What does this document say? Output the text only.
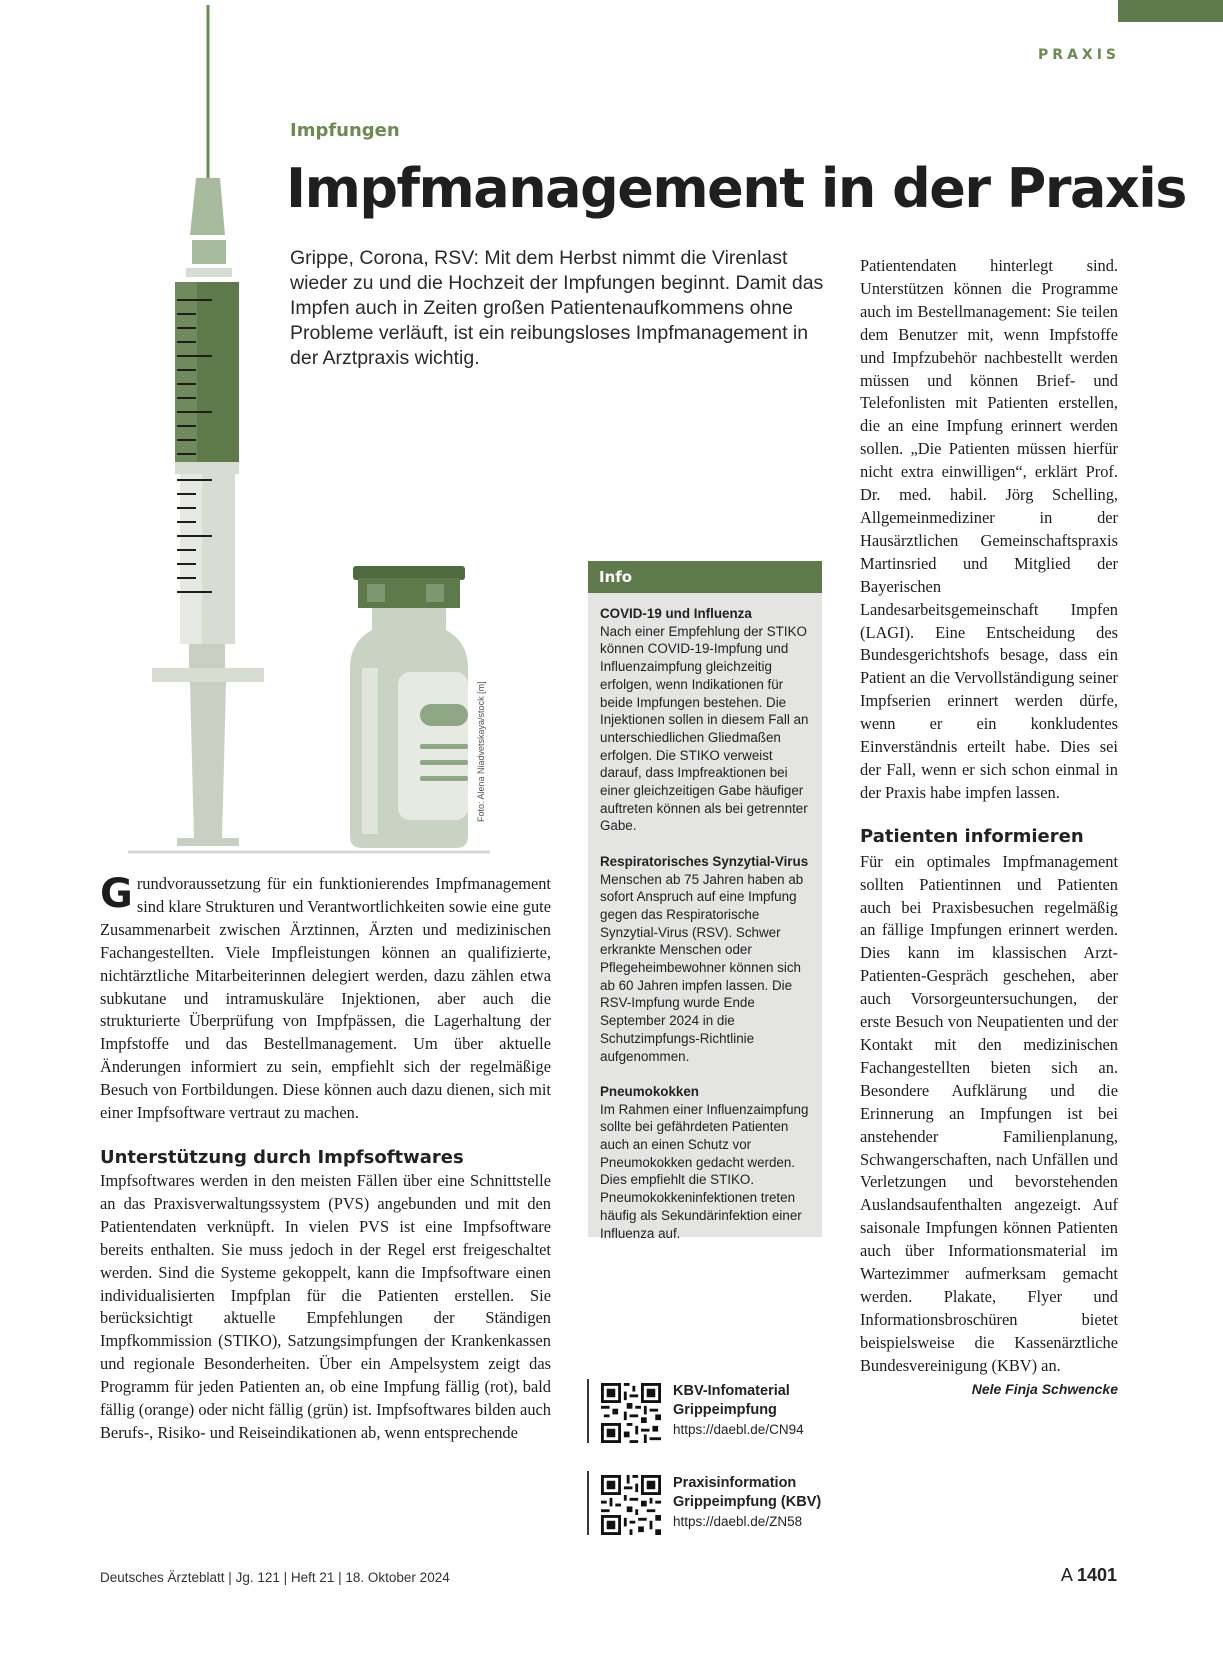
PRAXIS
Foto: Alena Niadvetskaya/stock [m]
Impfungen
Impfmanagement in der Praxis

Grippe, Corona, RSV: Mit dem Herbst nimmt die Virenlast wieder zu und die Hochzeit der Impfungen beginnt. Damit das Impfen auch in Zeiten großen Patientenaufkommens ohne Probleme verläuft, ist ein reibungsloses Impfmanagement in der Arztpraxis wichtig.

Grundvoraussetzung für ein funktionierendes Impfmanagement sind klare Strukturen und Verantwortlichkeiten sowie eine gute Zusammenarbeit zwischen Ärztinnen, Ärzten und medizinischen Fachangestellten. Viele Impfleistungen können an qualifizierte, nichtärztliche Mitarbeiterinnen delegiert werden, dazu zählen etwa subkutane und intramuskuläre Injektionen, aber auch die strukturierte Überprüfung von Impfpässen, die Lagerhaltung der Impfstoffe und das Bestellmanagement. Um über aktuelle Änderungen informiert zu sein, empfiehlt sich der regelmäßige Besuch von Fortbildungen. Diese können auch dazu dienen, sich mit einer Impfsoftware vertraut zu machen.

Unterstützung durch Impfsoftwares

Impfsoftwares werden in den meisten Fällen über eine Schnittstelle an das Praxisverwaltungssystem (PVS) angebunden und mit den Patientendaten verknüpft. In vielen PVS ist eine Impfsoftware bereits enthalten. Sie muss jedoch in der Regel erst freigeschaltet werden. Sind die Systeme gekoppelt, kann die Impfsoftware einen individualisierten Impfplan für die Patienten erstellen. Sie berücksichtigt aktuelle Empfehlungen der Ständigen Impfkommission (STIKO), Satzungsimpfungen der Krankenkassen und regionale Besonderheiten. Über ein Ampelsystem zeigt das Programm für jeden Patienten an, ob eine Impfung fällig (rot), bald fällig (orange) oder nicht fällig (grün) ist. Impfsoftwares bilden auch Berufs-, Risiko- und Reiseindikationen ab, wenn entsprechende

Info
COVID-19 und Influenza
Nach einer Empfehlung der STIKO können COVID-19-Impfung und Influenzaimpfung gleichzeitig erfolgen, wenn Indikationen für beide Impfungen bestehen. Die Injektionen sollen in diesem Fall an unterschiedlichen Gliedmaßen erfolgen. Die STIKO verweist darauf, dass Impfreaktionen bei einer gleichzeitigen Gabe häufiger auftreten können als bei getrennter Gabe.
Respiratorisches Synzytial-Virus
Menschen ab 75 Jahren haben ab sofort Anspruch auf eine Impfung gegen das Respiratorische Synzytial-Virus (RSV). Schwer erkrankte Menschen oder Pflegeheimbewohner können sich ab 60 Jahren impfen lassen. Die RSV-Impfung wurde Ende September 2024 in die Schutzimpfungs-Richtlinie aufgenommen.
Pneumokokken
Im Rahmen einer Influenzaimpfung sollte bei gefährdeten Patienten auch an einen Schutz vor Pneumokokken gedacht werden. Dies empfiehlt die STIKO. Pneumokokkeninfektionen treten häufig als Sekundärinfektion einer Influenza auf.
KBV-Infomaterial
Grippeimpfung
https://daebl.de/CN94
Praxisinformation
Grippeimpfung (KBV)
https://daebl.de/ZN58

Patientendaten hinterlegt sind. Unterstützen können die Programme auch im Bestellmanagement: Sie teilen dem Benutzer mit, wenn Impfstoffe und Impfzubehör nachbestellt werden müssen und können Brief- und Telefonlisten mit Patienten erstellen, die an eine Impfung erinnert werden sollen. „Die Patienten müssen hierfür nicht extra einwilligen“, erklärt Prof. Dr. med. habil. Jörg Schelling, Allgemeinmediziner in der Hausärztlichen Gemeinschaftspraxis Martinsried und Mitglied der Bayerischen Landesarbeitsgemeinschaft Impfen (LAGI). Eine Entscheidung des Bundesgerichtshofs besage, dass ein Patient an die Vervollständigung seiner Impfserien erinnert werden dürfe, wenn er ein konkludentes Einverständnis erteilt habe. Dies sei der Fall, wenn er sich schon einmal in der Praxis habe impfen lassen.

Patienten informieren

Für ein optimales Impfmanagement sollten Patientinnen und Patienten auch bei Praxisbesuchen regelmäßig an fällige Impfungen erinnert werden. Dies kann im klassischen Arzt-Patienten-Gespräch geschehen, aber auch Vorsorgeuntersuchungen, der erste Besuch von Neupatienten und der Kontakt mit den medizinischen Fachangestellten bieten sich an. Besondere Aufklärung und die Erinnerung an Impfungen ist bei anstehender Familienplanung, Schwangerschaften, nach Unfällen und Verletzungen und bevorstehenden Auslandsaufenthalten angezeigt. Auf saisonale Impfungen können Patienten auch über Informationsmaterial im Wartezimmer aufmerksam gemacht werden. Plakate, Flyer und Informationsbroschüren bietet beispielsweise die Kassenärztliche Bundesvereinigung (KBV) an.

Nele Finja Schwencke
Deutsches Ärzteblatt | Jg. 121 | Heft 21 | 18. Oktober 2024	A 1401
